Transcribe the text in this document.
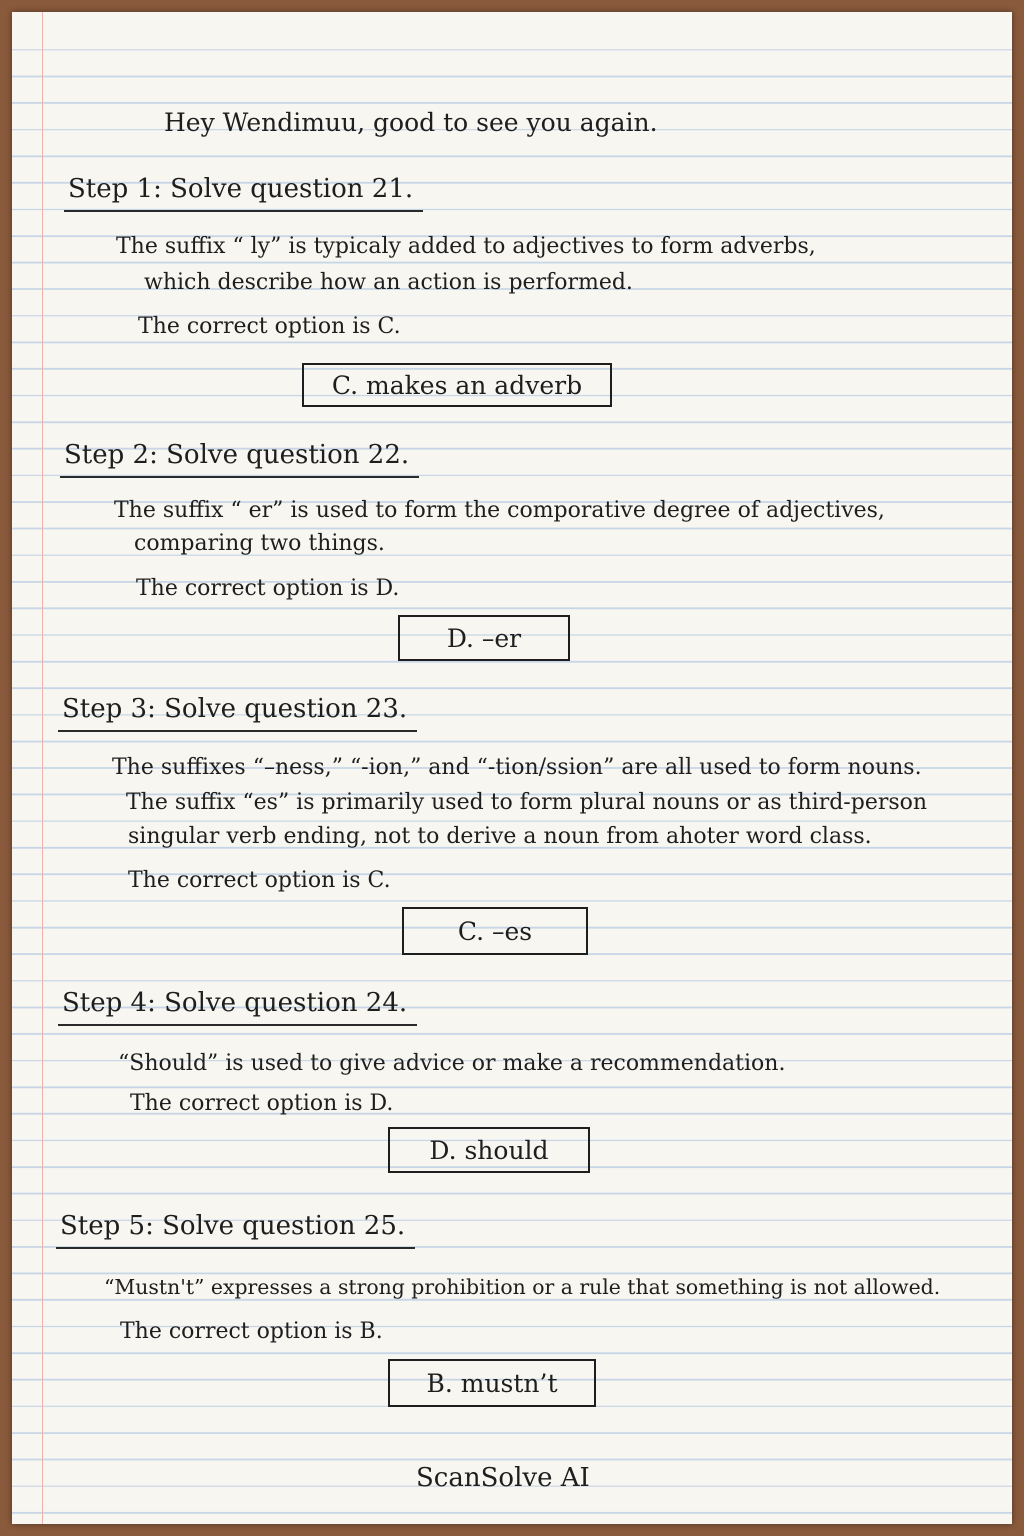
Hey Wendimuu, good to see you again.
Step 1: Solve question 21.
The suffix “ ly” is typicaly added to adjectives to form adverbs,
which describe how an action is performed.
The correct option is C.
C. makes an adverb
Step 2: Solve question 22.
The suffix “ er” is used to form the comporative degree of adjectives,
comparing two things.
The correct option is D.
D. –er
Step 3: Solve question 23.
The suffixes “–ness,” “-ion,” and “-tion/ssion” are all used to form nouns.
The suffix “es” is primarily used to form plural nouns or as third-person
singular verb ending, not to derive a noun from ahoter word class.
The correct option is C.
C. –es
Step 4: Solve question 24.
“Should” is used to give advice or make a recommendation.
The correct option is D.
D. should
Step 5: Solve question 25.
“Mustn't” expresses a strong prohibition or a rule that something is not allowed.
The correct option is B.
B. mustn’t
ScanSolve AI
